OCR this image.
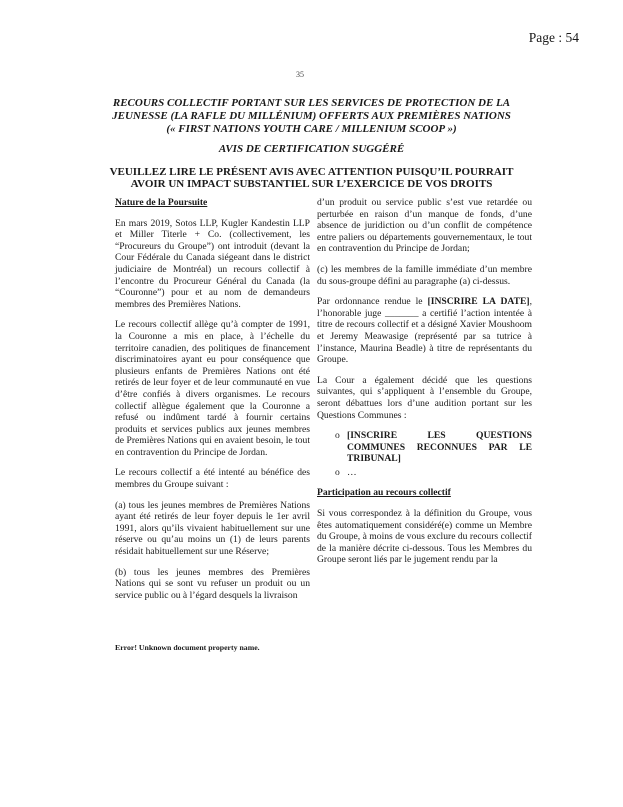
Page : 54
35
RECOURS COLLECTIF PORTANT SUR LES SERVICES DE PROTECTION DE LA
JEUNESSE (LA RAFLE DU MILLÉNIUM) OFFERTS AUX PREMIÈRES NATIONS
(« FIRST NATIONS YOUTH CARE / MILLENIUM SCOOP »)
AVIS DE CERTIFICATION SUGGÉRÉ
VEUILLEZ LIRE LE PRÉSENT AVIS AVEC ATTENTION PUISQU’IL POURRAIT
AVOIR UN IMPACT SUBSTANTIEL SUR L’EXERCICE DE VOS DROITS

Nature de la Poursuite

En mars 2019, Sotos LLP, Kugler Kandestin LLP et Miller Titerle + Co. (collectivement, les “Procureurs du Groupe”) ont introduit (devant la Cour Fédérale du Canada siégeant dans le district judiciaire de Montréal) un recours collectif à l’encontre du Procureur Général du Canada (la “Couronne”) pour et au nom de demandeurs membres des Premières Nations.

Le recours collectif allège qu’à compter de 1991, la Couronne a mis en place, à l’échelle du territoire canadien, des politiques de financement discriminatoires ayant eu pour conséquence que plusieurs enfants de Premières Nations ont été retirés de leur foyer et de leur communauté en vue d’être confiés à divers organismes. Le recours collectif allègue également que la Couronne a refusé ou indûment tardé à fournir certains produits et services publics aux jeunes membres de Premières Nations qui en avaient besoin, le tout en contravention du Principe de Jordan.

Le recours collectif a été intenté au bénéfice des membres du Groupe suivant :

(a) tous les jeunes membres de Premières Nations ayant été retirés de leur foyer depuis le 1er avril 1991, alors qu’ils vivaient habituellement sur une réserve ou qu’au moins un (1) de leurs parents résidait habituellement sur une Réserve;

(b) tous les jeunes membres des Premières Nations qui se sont vu refuser un produit ou un service public ou à l’égard desquels la livraison

d’un produit ou service public s’est vue retardée ou perturbée en raison d’un manque de fonds, d’une absence de juridiction ou d’un conflit de compétence entre paliers ou départements gouvernementaux, le tout en contravention du Principe de Jordan;

(c) les membres de la famille immédiate d’un membre du sous-groupe défini au paragraphe (a) ci-dessus.

Par ordonnance rendue le [INSCRIRE LA DATE], l’honorable juge _______ a certifié l’action intentée à titre de recours collectif et a désigné Xavier Moushoom et Jeremy Meawasige (représenté par sa tutrice à l’instance, Maurina Beadle) à titre de représentants du Groupe.

La Cour a également décidé que les questions suivantes, qui s’appliquent à l’ensemble du Groupe, seront débattues lors d’une audition portant sur les Questions Communes :

o [INSCRIRE LES QUESTIONS COMMUNES RECONNUES PAR LE TRIBUNAL]
o …

Participation au recours collectif

Si vous correspondez à la définition du Groupe, vous êtes automatiquement considéré(e) comme un Membre du Groupe, à moins de vous exclure du recours collectif de la manière décrite ci-dessous. Tous les Membres du Groupe seront liés par le jugement rendu par la

Error! Unknown document property name.
